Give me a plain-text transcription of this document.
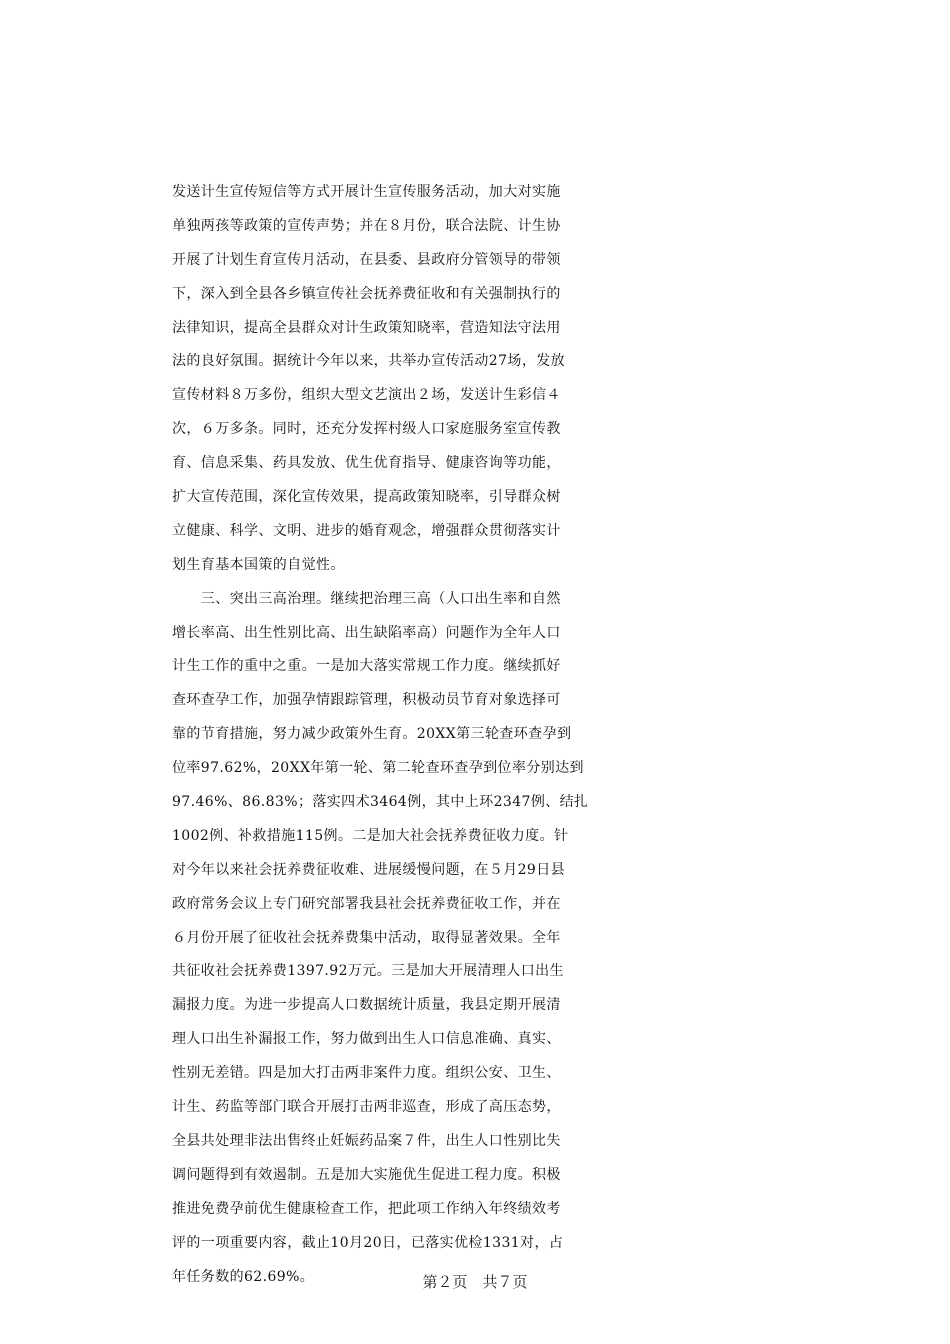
发送计生宣传短信等方式开展计生宣传服务活动，加大对实施
单独两孩等政策的宣传声势；并在８月份，联合法院、计生协
开展了计划生育宣传月活动，在县委、县政府分管领导的带领
下，深入到全县各乡镇宣传社会抚养费征收和有关强制执行的
法律知识，提高全县群众对计生政策知晓率，营造知法守法用
法的良好氛围。据统计今年以来，共举办宣传活动27场，发放
宣传材料８万多份，组织大型文艺演出２场，发送计生彩信４
次，６万多条。同时，还充分发挥村级人口家庭服务室宣传教
育、信息采集、药具发放、优生优育指导、健康咨询等功能，
扩大宣传范围，深化宣传效果，提高政策知晓率，引导群众树
立健康、科学、文明、进步的婚育观念，增强群众贯彻落实计
划生育基本国策的自觉性。
　　三、突出三高治理。继续把治理三高（人口出生率和自然
增长率高、出生性别比高、出生缺陷率高）问题作为全年人口
计生工作的重中之重。一是加大落实常规工作力度。继续抓好
查环查孕工作，加强孕情跟踪管理，积极动员节育对象选择可
靠的节育措施，努力减少政策外生育。20XX第三轮查环查孕到
位率97.62%，20XX年第一轮、第二轮查环查孕到位率分别达到
97.46%、86.83%；落实四术3464例，其中上环2347例、结扎
1002例、补救措施115例。二是加大社会抚养费征收力度。针
对今年以来社会抚养费征收难、进展缓慢问题，在５月29日县
政府常务会议上专门研究部署我县社会抚养费征收工作，并在
６月份开展了征收社会抚养费集中活动，取得显著效果。全年
共征收社会抚养费1397.92万元。三是加大开展清理人口出生
漏报力度。为进一步提高人口数据统计质量，我县定期开展清
理人口出生补漏报工作，努力做到出生人口信息准确、真实、
性别无差错。四是加大打击两非案件力度。组织公安、卫生、
计生、药监等部门联合开展打击两非巡查，形成了高压态势，
全县共处理非法出售终止妊娠药品案７件，出生人口性别比失
调问题得到有效遏制。五是加大实施优生促进工程力度。积极
推进免费孕前优生健康检查工作，把此项工作纳入年终绩效考
评的一项重要内容，截止10月20日，已落实优检1331对，占
年任务数的62.69%。	第２页　共７页
